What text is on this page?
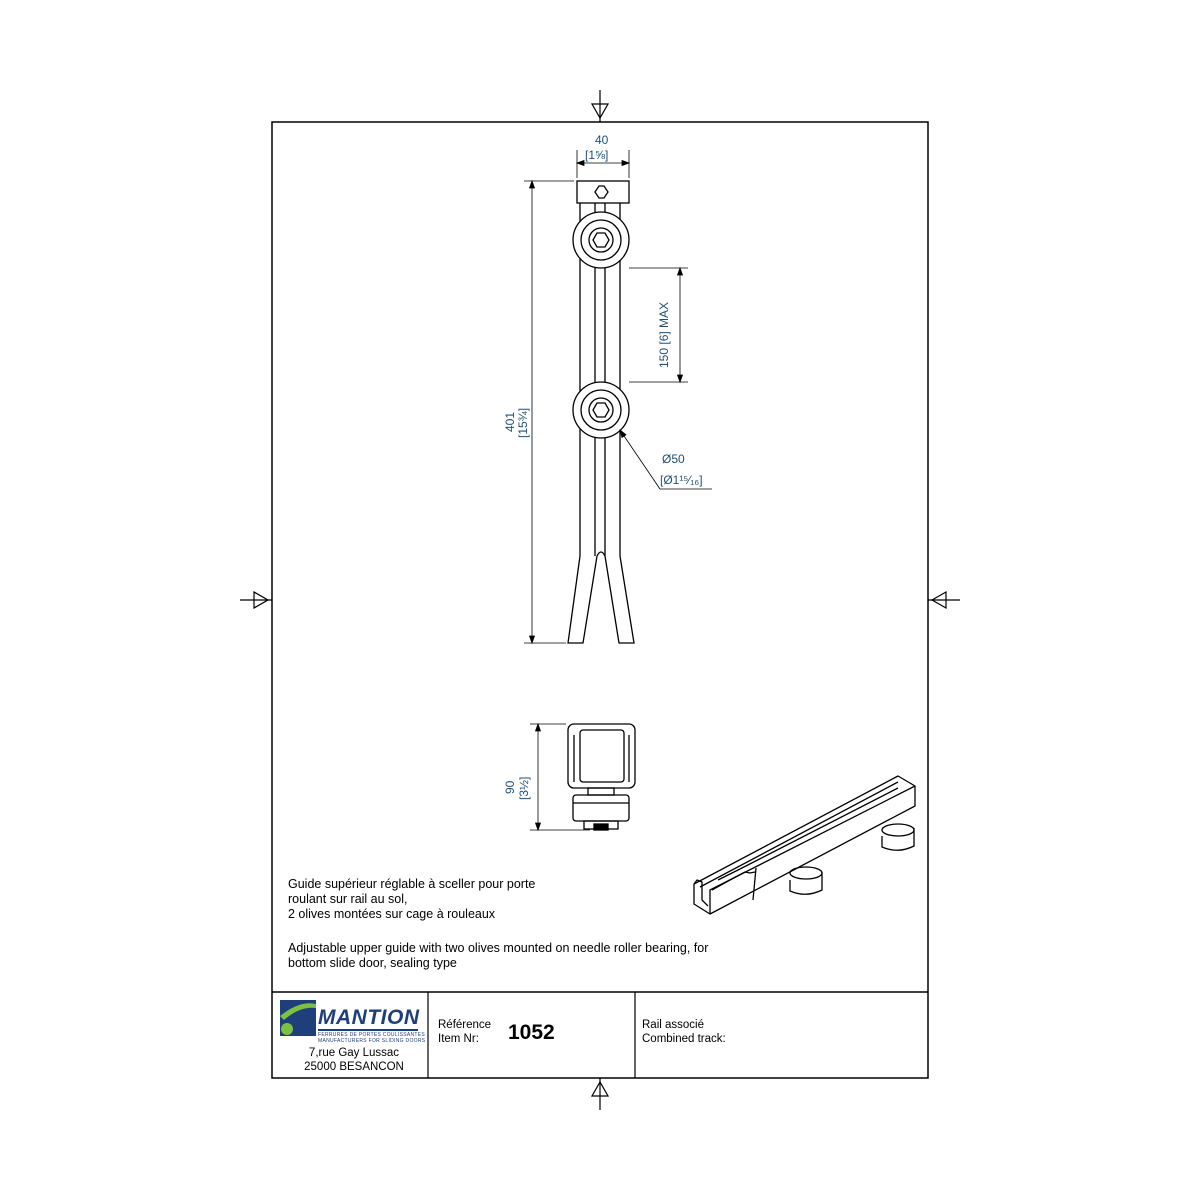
40
[1⅝]
401 [15¾]
150 [6] MAX
Ø50
[Ø1¹⁵⁄₁₆]
90 [3½]
Guide supérieur réglable à sceller pour porte
roulant sur rail au sol,
2 olives montées sur cage à rouleaux
Adjustable upper guide with two olives mounted on needle roller bearing, for
bottom slide door, sealing type
MANTION
FERRURES DE PORTES COULISSANTES
MANUFACTURERS FOR SLIDING DOORS
7,rue Gay Lussac
25000 BESANCON
Référence
Item Nr: 1052	Rail associé
Combined track:
